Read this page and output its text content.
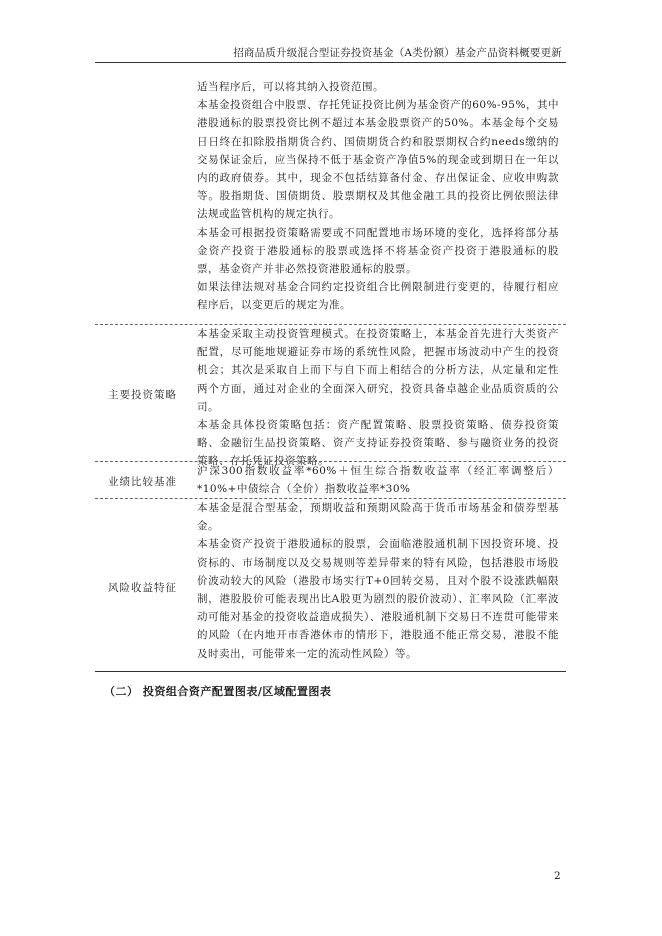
招商品质升级混合型证券投资基金（A类份额）基金产品资料概要更新

适当程序后，可以将其纳入投资范围。

本基金投资组合中股票、存托凭证投资比例为基金资产的60%-95%，其中港股通标的股票投资比例不超过本基金股票资产的50%。本基金每个交易日日终在扣除股指期货合约、国债期货合约和股票期权合约needs缴纳的交易保证金后，应当保持不低于基金资产净值5%的现金或到期日在一年以内的政府债券。其中，现金不包括结算备付金、存出保证金、应收申购款等。股指期货、国债期货、股票期权及其他金融工具的投资比例依照法律法规或监管机构的规定执行。

本基金可根据投资策略需要或不同配置地市场环境的变化，选择将部分基金资产投资于港股通标的股票或选择不将基金资产投资于港股通标的股票，基金资产并非必然投资港股通标的股票。

如果法律法规对基金合同约定投资组合比例限制进行变更的，待履行相应程序后，以变更后的规定为准。

主要投资策略

本基金采取主动投资管理模式。在投资策略上，本基金首先进行大类资产配置，尽可能地规避证券市场的系统性风险，把握市场波动中产生的投资机会；其次是采取自上而下与自下而上相结合的分析方法，从定量和定性两个方面，通过对企业的全面深入研究，投资具备卓越企业品质资质的公司。

本基金具体投资策略包括：资产配置策略、股票投资策略、债券投资策略、金融衍生品投资策略、资产支持证券投资策略、参与融资业务的投资策略、存托凭证投资策略。

业绩比较基准

沪深300指数收益率*60%＋恒生综合指数收益率（经汇率调整后）*10%+中债综合（全价）指数收益率*30%

风险收益特征

本基金是混合型基金，预期收益和预期风险高于货币市场基金和债券型基金。

本基金资产投资于港股通标的股票，会面临港股通机制下因投资环境、投资标的、市场制度以及交易规则等差异带来的特有风险，包括港股市场股价波动较大的风险（港股市场实行T+0回转交易，且对个股不设涨跌幅限制，港股股价可能表现出比A股更为剧烈的股价波动）、汇率风险（汇率波动可能对基金的投资收益造成损失）、港股通机制下交易日不连贯可能带来的风险（在内地开市香港休市的情形下，港股通不能正常交易，港股不能及时卖出，可能带来一定的流动性风险）等。

（二） 投资组合资产配置图表/区域配置图表
2
